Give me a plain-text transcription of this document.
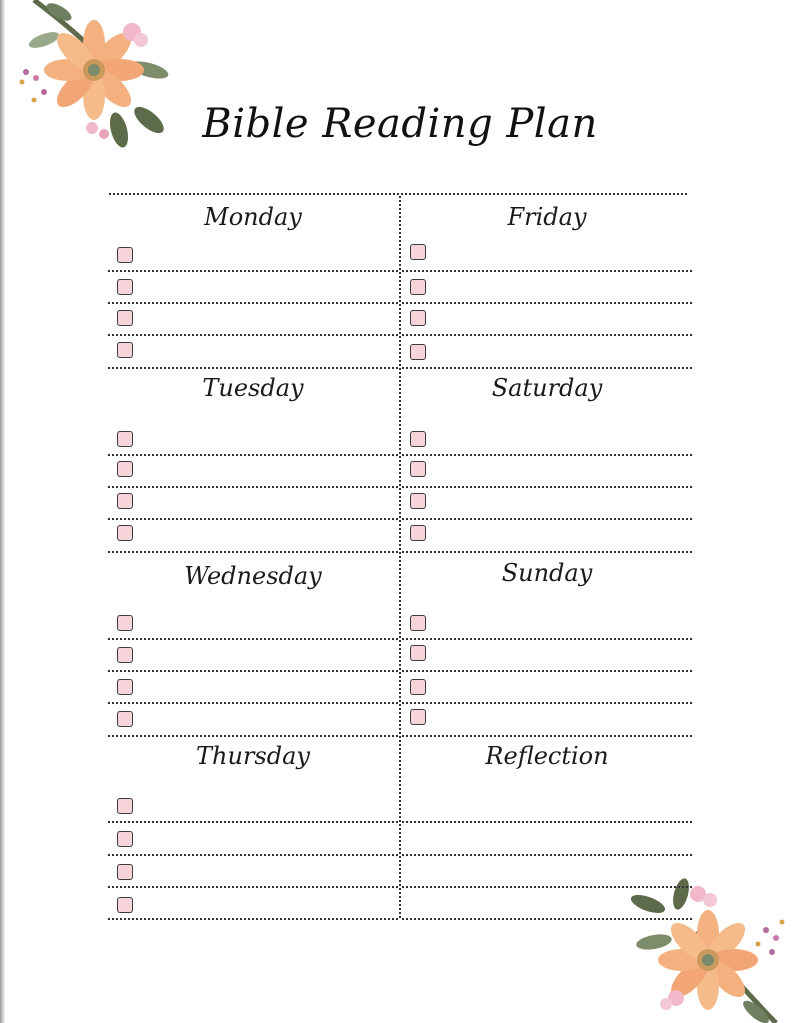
Bible Reading Plan
Monday
Tuesday
Wednesday
Thursday
Friday
Saturday
Sunday
Reflection
